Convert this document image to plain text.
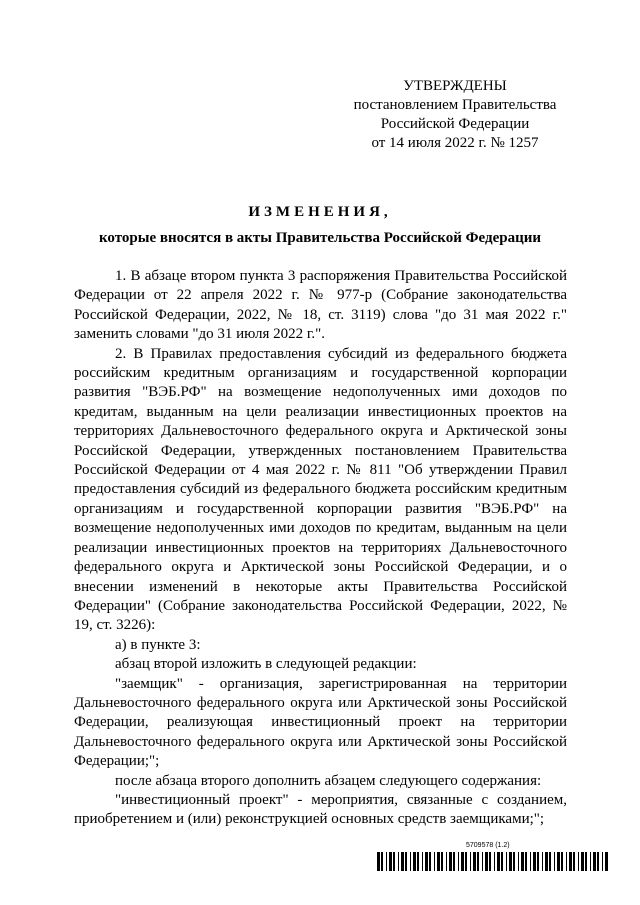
УТВЕРЖДЕНЫ
постановлением Правительства
Российской Федерации
от 14 июля 2022 г. № 1257
ИЗМЕНЕНИЯ,
которые вносятся в акты Правительства Российской Федерации

1. В абзаце втором пункта 3 распоряжения Правительства Российской Федерации от 22 апреля 2022 г. № 977-р (Собрание законодательства Российской Федерации, 2022, № 18, ст. 3119) слова "до 31 мая 2022 г." заменить словами "до 31 июля 2022 г.".

2. В Правилах предоставления субсидий из федерального бюджета российским кредитным организациям и государственной корпорации развития "ВЭБ.РФ" на возмещение недополученных ими доходов по кредитам, выданным на цели реализации инвестиционных проектов на территориях Дальневосточного федерального округа и Арктической зоны Российской Федерации, утвержденных постановлением Правительства Российской Федерации от 4 мая 2022 г. № 811 "Об утверждении Правил предоставления субсидий из федерального бюджета российским кредитным организациям и государственной корпорации развития "ВЭБ.РФ" на возмещение недополученных ими доходов по кредитам, выданным на цели реализации инвестиционных проектов на территориях Дальневосточного федерального округа и Арктической зоны Российской Федерации, и о внесении изменений в некоторые акты Правительства Российской Федерации" (Собрание законодательства Российской Федерации, 2022, № 19, ст. 3226):

а) в пункте 3:

абзац второй изложить в следующей редакции:

"заемщик" - организация, зарегистрированная на территории Дальневосточного федерального округа или Арктической зоны Российской Федерации, реализующая инвестиционный проект на территории Дальневосточного федерального округа или Арктической зоны Российской Федерации;";

после абзаца второго дополнить абзацем следующего содержания:

"инвестиционный проект" - мероприятия, связанные с созданием, приобретением и (или) реконструкцией основных средств заемщиками;";

5709578 (1.2)
